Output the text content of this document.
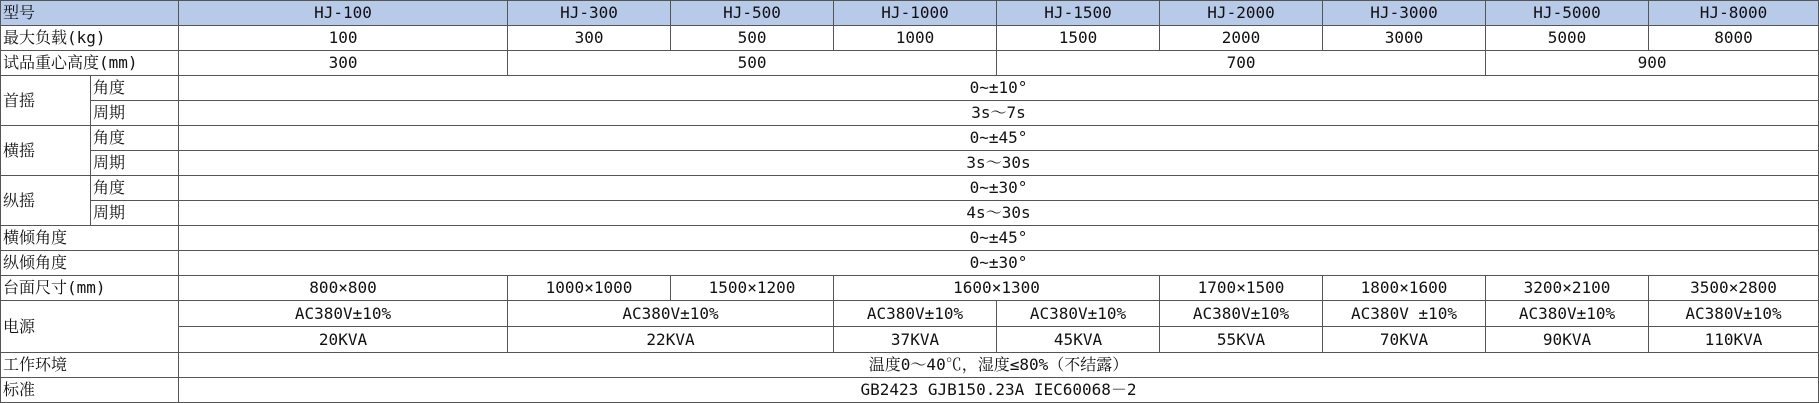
型号		HJ-100	HJ-300	HJ-500	HJ-1000	HJ-1500	HJ-2000	HJ-3000	HJ-5000	HJ-8000	
最大负载(kg)		100	300	500	1000	1500	2000	3000	5000	8000	
试品重心高度(mm)		300	500			700			900		
首摇	角度	0~±10°									
	周期	3s～7s									
横摇	角度	0~±45°									
	周期	3s～30s									
纵摇	角度	0~±30°									
	周期	4s～30s									
横倾角度		0~±45°									
纵倾角度		0~±30°									
台面尺寸(mm)		800×800	1000×1000	1500×1200	1600×1300		1700×1500	1800×1600	3200×2100	3500×2800	
电源		AC380V±10%	AC380V±10%		AC380V±10%	AC380V±10%	AC380V±10%	AC380V ±10%	AC380V±10%	AC380V±10%	
		20KVA	22KVA		37KVA	45KVA	55KVA	70KVA	90KVA	110KVA	
工作环境		温度0～40℃，湿度≤80%（不结露）									
标准		GB2423 GJB150.23A IEC60068－2									
